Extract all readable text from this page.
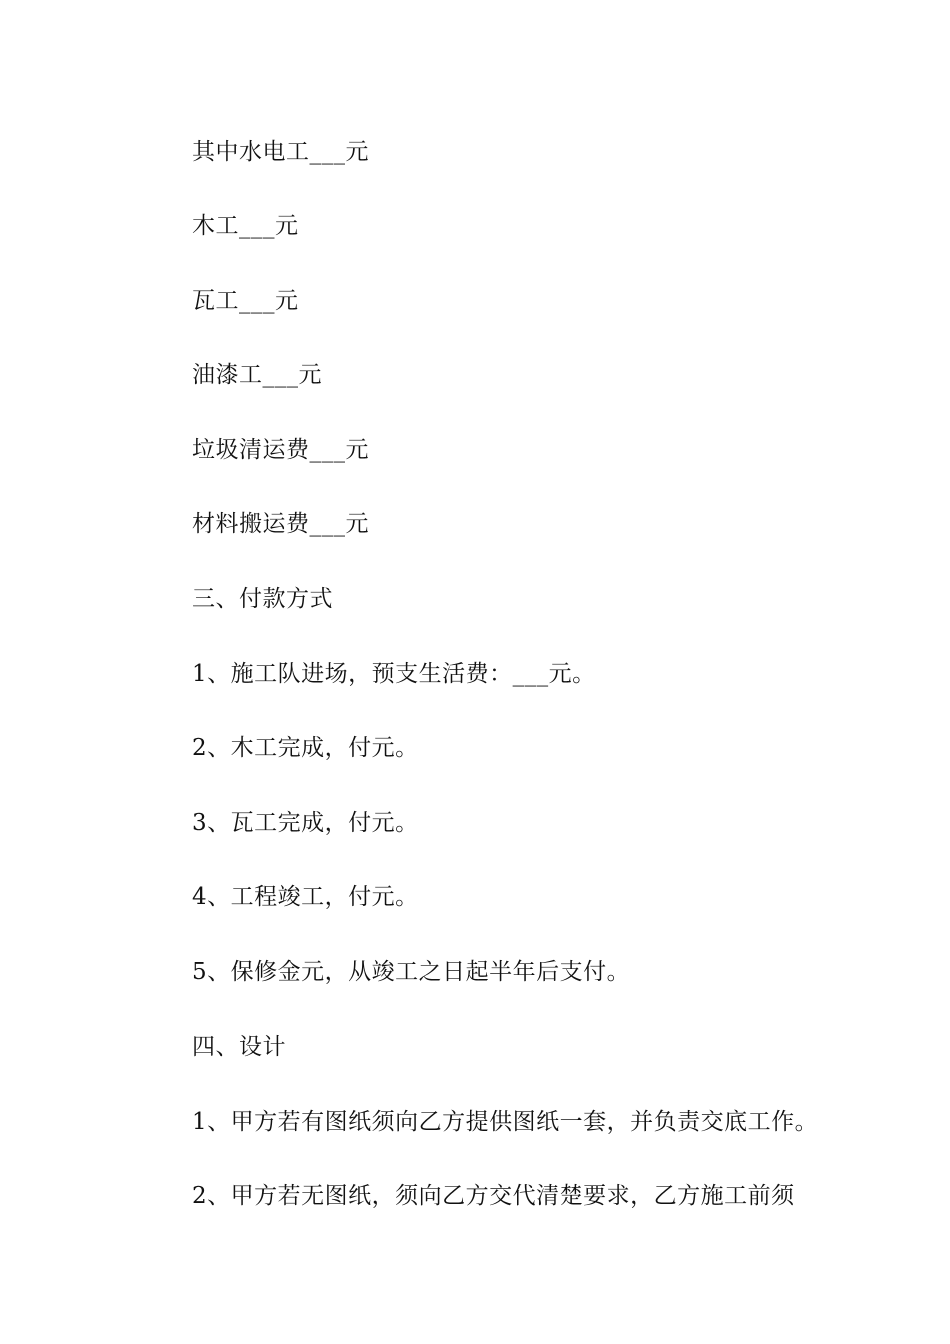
其中水电工___元
木工___元
瓦工___元
油漆工___元
垃圾清运费___元
材料搬运费___元
三、付款方式
1、施工队进场，预支生活费：___元。
2、木工完成，付元。
3、瓦工完成，付元。
4、工程竣工，付元。
5、保修金元，从竣工之日起半年后支付。
四、设计
1、甲方若有图纸须向乙方提供图纸一套，并负责交底工作。
2、甲方若无图纸，须向乙方交代清楚要求，乙方施工前须
